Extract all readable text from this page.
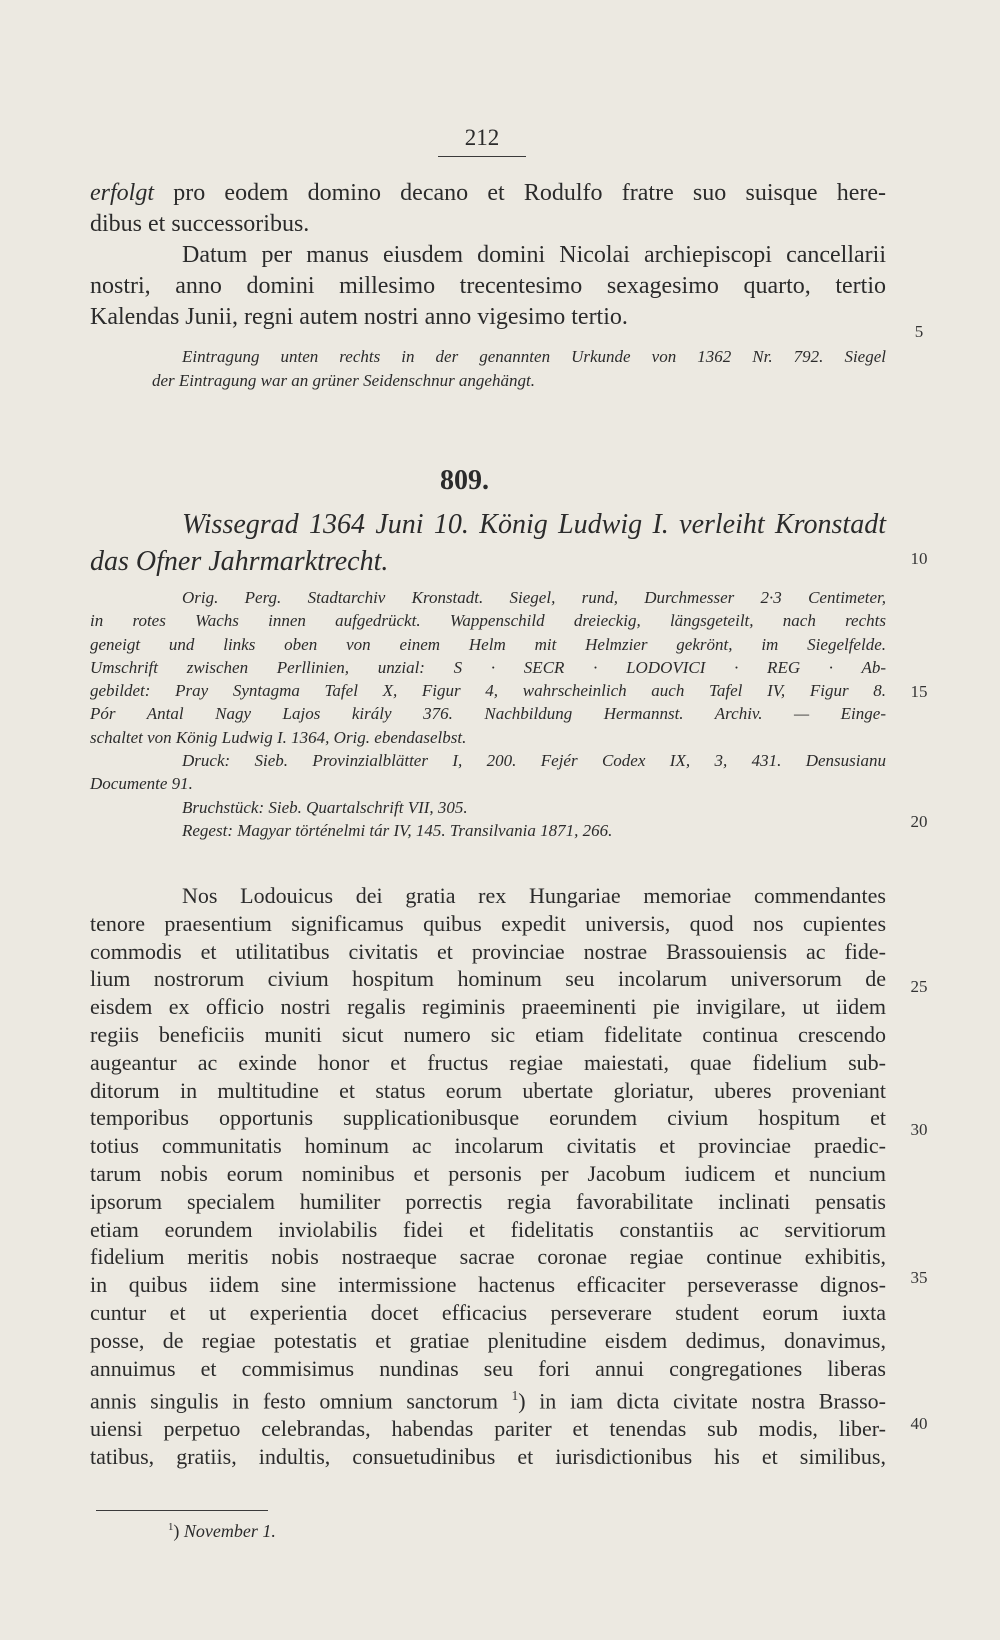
212
erfolgt pro eodem domino decano et Rodulfo fratre suo suisque here-
dibus et successoribus.
Datum per manus eiusdem domini Nicolai archiepiscopi cancellarii
nostri, anno domini millesimo trecentesimo sexagesimo quarto, tertio
Kalendas Junii, regni autem nostri anno vigesimo tertio.
Eintragung unten rechts in der genannten Urkunde von 1362 Nr. 792. Siegel
der Eintragung war an grüner Seidenschnur angehängt.
809.
Wissegrad 1364 Juni 10. König Ludwig I. verleiht Kronstadt
das Ofner Jahrmarktrecht.
Orig. Perg. Stadtarchiv Kronstadt. Siegel, rund, Durchmesser 2·3 Centimeter,
in rotes Wachs innen aufgedrückt. Wappenschild dreieckig, längsgeteilt, nach rechts
geneigt und links oben von einem Helm mit Helmzier gekrönt, im Siegelfelde.
Umschrift zwischen Perllinien, unzial: S · SECR · LODOVICI · REG · Ab-
gebildet: Pray Syntagma Tafel X, Figur 4, wahrscheinlich auch Tafel IV, Figur 8.
Pór Antal Nagy Lajos király 376. Nachbildung Hermannst. Archiv. — Einge-
schaltet von König Ludwig I. 1364, Orig. ebendaselbst.
Druck: Sieb. Provinzialblätter I, 200. Fejér Codex IX, 3, 431. Densusianu
Documente 91.
Bruchstück: Sieb. Quartalschrift VII, 305.
Regest: Magyar történelmi tár IV, 145. Transilvania 1871, 266.
Nos Lodouicus dei gratia rex Hungariae memoriae commendantes
tenore praesentium significamus quibus expedit universis, quod nos cupientes
commodis et utilitatibus civitatis et provinciae nostrae Brassouiensis ac fide-
lium nostrorum civium hospitum hominum seu incolarum universorum de
eisdem ex officio nostri regalis regiminis praeeminenti pie invigilare, ut iidem
regiis beneficiis muniti sicut numero sic etiam fidelitate continua crescendo
augeantur ac exinde honor et fructus regiae maiestati, quae fidelium sub-
ditorum in multitudine et status eorum ubertate gloriatur, uberes proveniant
temporibus opportunis supplicationibusque eorundem civium hospitum et
totius communitatis hominum ac incolarum civitatis et provinciae praedic-
tarum nobis eorum nominibus et personis per Jacobum iudicem et nuncium
ipsorum specialem humiliter porrectis regia favorabilitate inclinati pensatis
etiam eorundem inviolabilis fidei et fidelitatis constantiis ac servitiorum
fidelium meritis nobis nostraeque sacrae coronae regiae continue exhibitis,
in quibus iidem sine intermissione hactenus efficaciter perseverasse dignos-
cuntur et ut experientia docet efficacius perseverare student eorum iuxta
posse, de regiae potestatis et gratiae plenitudine eisdem dedimus, donavimus,
annuimus et commisimus nundinas seu fori annui congregationes liberas
annis singulis in festo omnium sanctorum $^1$) in iam dicta civitate nostra Brasso-
uiensi perpetuo celebrandas, habendas pariter et tenendas sub modis, liber-
tatibus, gratiis, indultis, consuetudinibus et iurisdictionibus his et similibus,
5
10
15
20
25
30
35
40
$^1$) November 1.
